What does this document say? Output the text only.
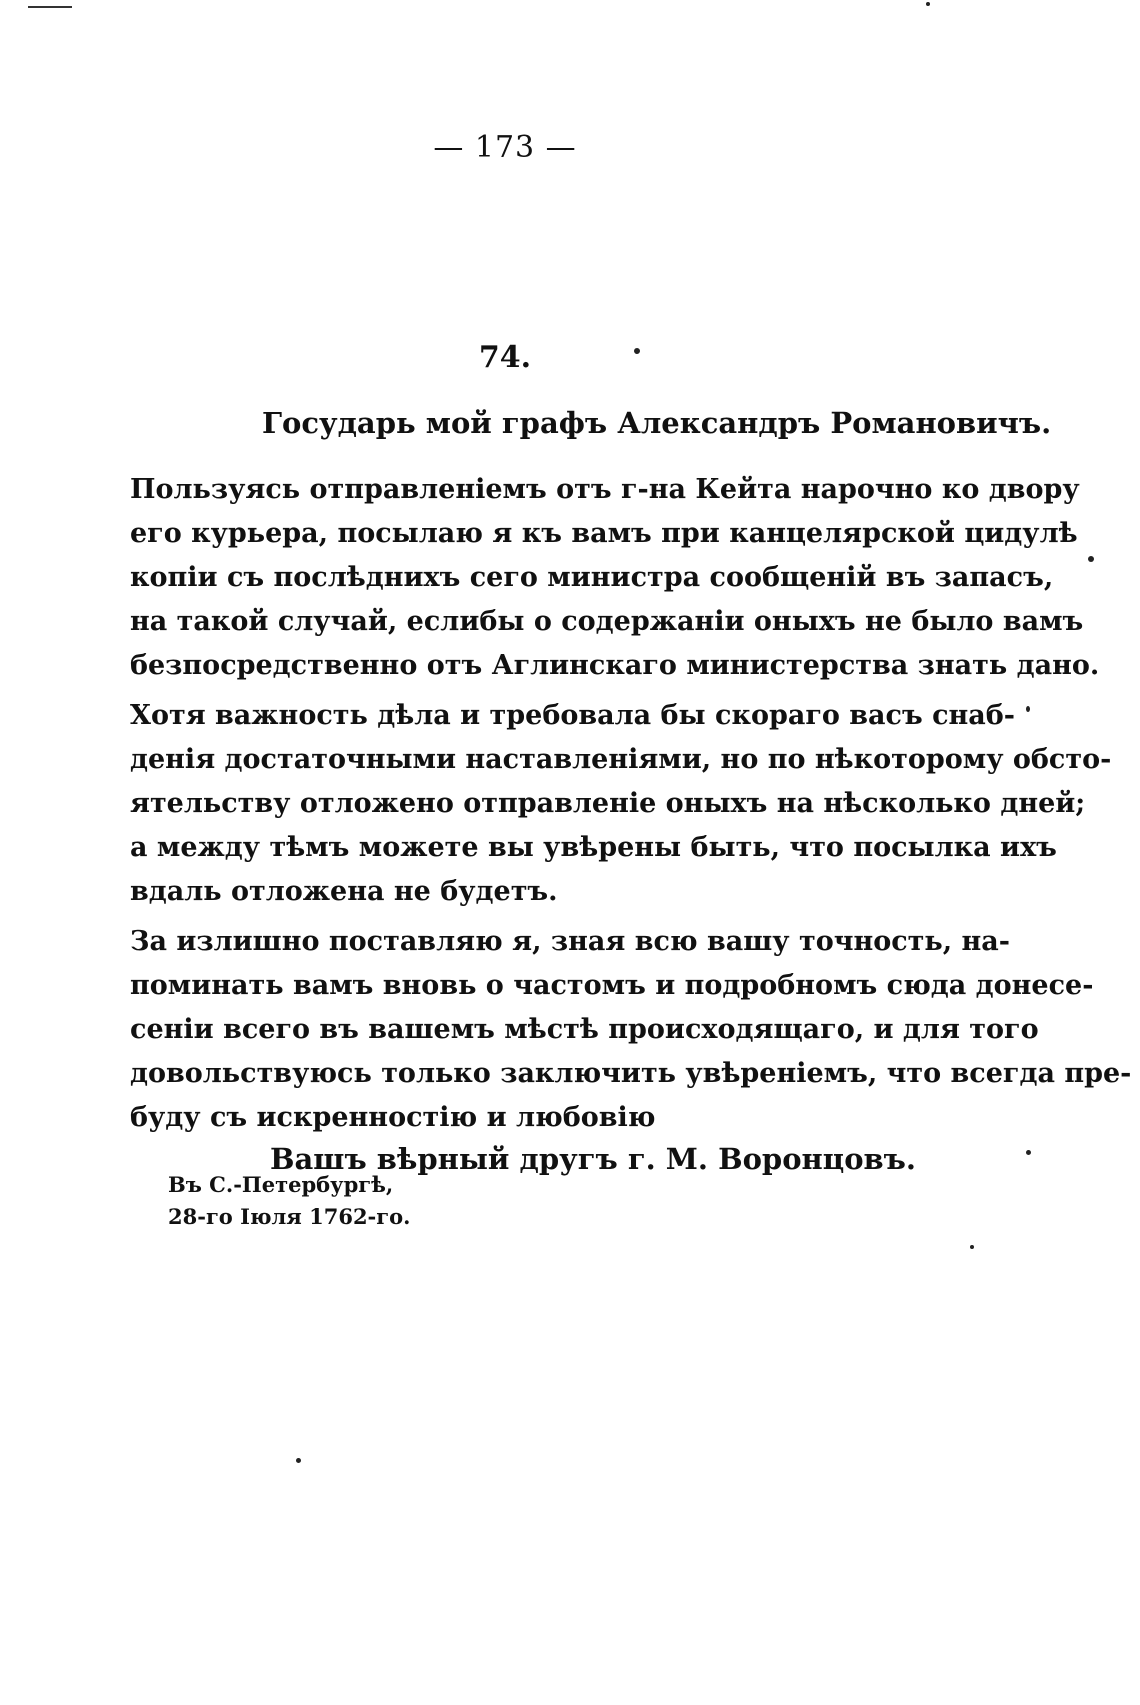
— 173 —
74.
Государь мой графъ Александръ Романовичъ.
Пользуясь отправленіемъ отъ г-на Кейта нарочно ко двору
его курьера, посылаю я къ вамъ при канцелярской цидулѣ
копіи съ послѣднихъ сего министра сообщеній въ запасъ,
на такой случай, еслибы о содержаніи оныхъ не было вамъ
безпосредственно отъ Аглинскаго министерства знать дано.
Хотя важность дѣла и требовала бы скораго васъ снаб-
денія достаточными наставленіями, но по нѣкоторому обсто-
ятельству отложено отправленіе оныхъ на нѣсколько дней;
а между тѣмъ можете вы увѣрены быть, что посылка ихъ
вдаль отложена не будетъ.
За излишно поставляю я, зная всю вашу точность, на-
поминать вамъ вновь о частомъ и подробномъ сюда донесе-
сеніи всего въ вашемъ мѣстѣ происходящаго, и для того
довольствуюсь только заключить увѣреніемъ, что всегда пре-
буду съ искренностію и любовію
Вашъ вѣрный другъ г. М. Воронцовъ.
Въ С.-Петербургѣ,
28-го Іюля 1762-го.
